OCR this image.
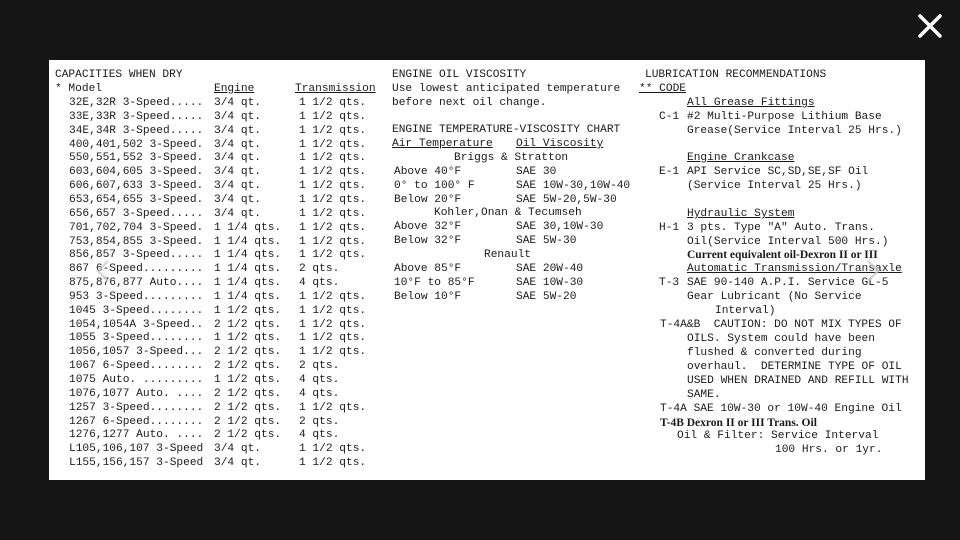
CAPACITIES WHEN DRY
* Model	Engine	Transmission
32E,32R 3-Speed..... 3/4 qt.	1 1/2 qts.
33E,33R 3-Speed..... 3/4 qt.	1 1/2 qts.
34E,34R 3-Speed..... 3/4 qt.	1 1/2 qts.
400,401,502 3-Speed. 3/4 qt.	1 1/2 qts.
550,551,552 3-Speed. 3/4 qt.	1 1/2 qts.
603,604,605 3-Speed. 3/4 qt.	1 1/2 qts.
606,607,633 3-Speed. 3/4 qt.	1 1/2 qts.
653,654,655 3-Speed. 3/4 qt.	1 1/2 qts.
656,657 3-Speed..... 3/4 qt.	1 1/2 qts.
701,702,704 3-Speed. 1 1/4 qts. 1 1/2 qts.
753,854,855 3-Speed. 1 1/4 qts. 1 1/2 qts.
856,857 3-Speed..... 1 1/4 qts. 1 1/2 qts.
867 6-Speed......... 1 1/4 qts. 2 qts.
875,876,877 Auto.... 1 1/4 qts. 4 qts.
953 3-Speed......... 1 1/4 qts. 1 1/2 qts.
1045 3-Speed........ 1 1/2 qts. 1 1/2 qts.
1054,1054A 3-Speed.. 2 1/2 qts. 1 1/2 qts.
1055 3-Speed........ 1 1/2 qts. 1 1/2 qts.
1056,1057 3-Speed... 2 1/2 qts. 1 1/2 qts.
1067 6-Speed........ 2 1/2 qts. 2 qts.
1075 Auto. ......... 1 1/2 qts. 4 qts.
1076,1077 Auto. .... 2 1/2 qts. 4 qts.
1257 3-Speed........ 2 1/2 qts. 1 1/2 qts.
1267 6-Speed........ 2 1/2 qts. 2 qts.
1276,1277 Auto. .... 2 1/2 qts. 4 qts.
L105,106,107 3-Speed 3/4 qt.	1 1/2 qts.
L155,156,157 3-Speed 3/4 qt.	1 1/2 qts.
ENGINE OIL VISCOSITY
Use lowest anticipated temperature
before next oil change.
ENGINE TEMPERATURE-VISCOSITY CHART
Air Temperature Oil Viscosity
Briggs & Stratton
Above 40°F	SAE 30
0° to 100° F	SAE 10W-30,10W-40
Below 20°F	SAE 5W-20,5W-30
Kohler,Onan & Tecumseh
Above 32°F	SAE 30,10W-30
Below 32°F	SAE 5W-30
Renault
Above 85°F	SAE 20W-40
10°F to 85°F	SAE 10W-30
Below 10°F	SAE 5W-20
LUBRICATION RECOMMENDATIONS
** CODE
All Grease Fittings
C-1 #2 Multi-Purpose Lithium Base
Grease(Service Interval 25 Hrs.)
Engine Crankcase
E-1 API Service SC,SD,SE,SF Oil
(Service Interval 25 Hrs.)
Hydraulic System
H-1 3 pts. Type "A" Auto. Trans.
Oil(Service Interval 500 Hrs.)
Current equivalent oil-Dexron II or III
Automatic Transmission/Transaxle
T-3 SAE 90-140 A.P.I. Service GL-5
Gear Lubricant (No Service
Interval)
T-4A&B  CAUTION: DO NOT MIX TYPES OF
OILS. System could have been
flushed & converted during
overhaul.  DETERMINE TYPE OF OIL
USED WHEN DRAINED AND REFILL WITH
SAME.
T-4A SAE 10W-30 or 10W-40 Engine Oil
T-4B Dexron II or III Trans. Oil
Oil & Filter: Service Interval
100 Hrs. or 1yr.
